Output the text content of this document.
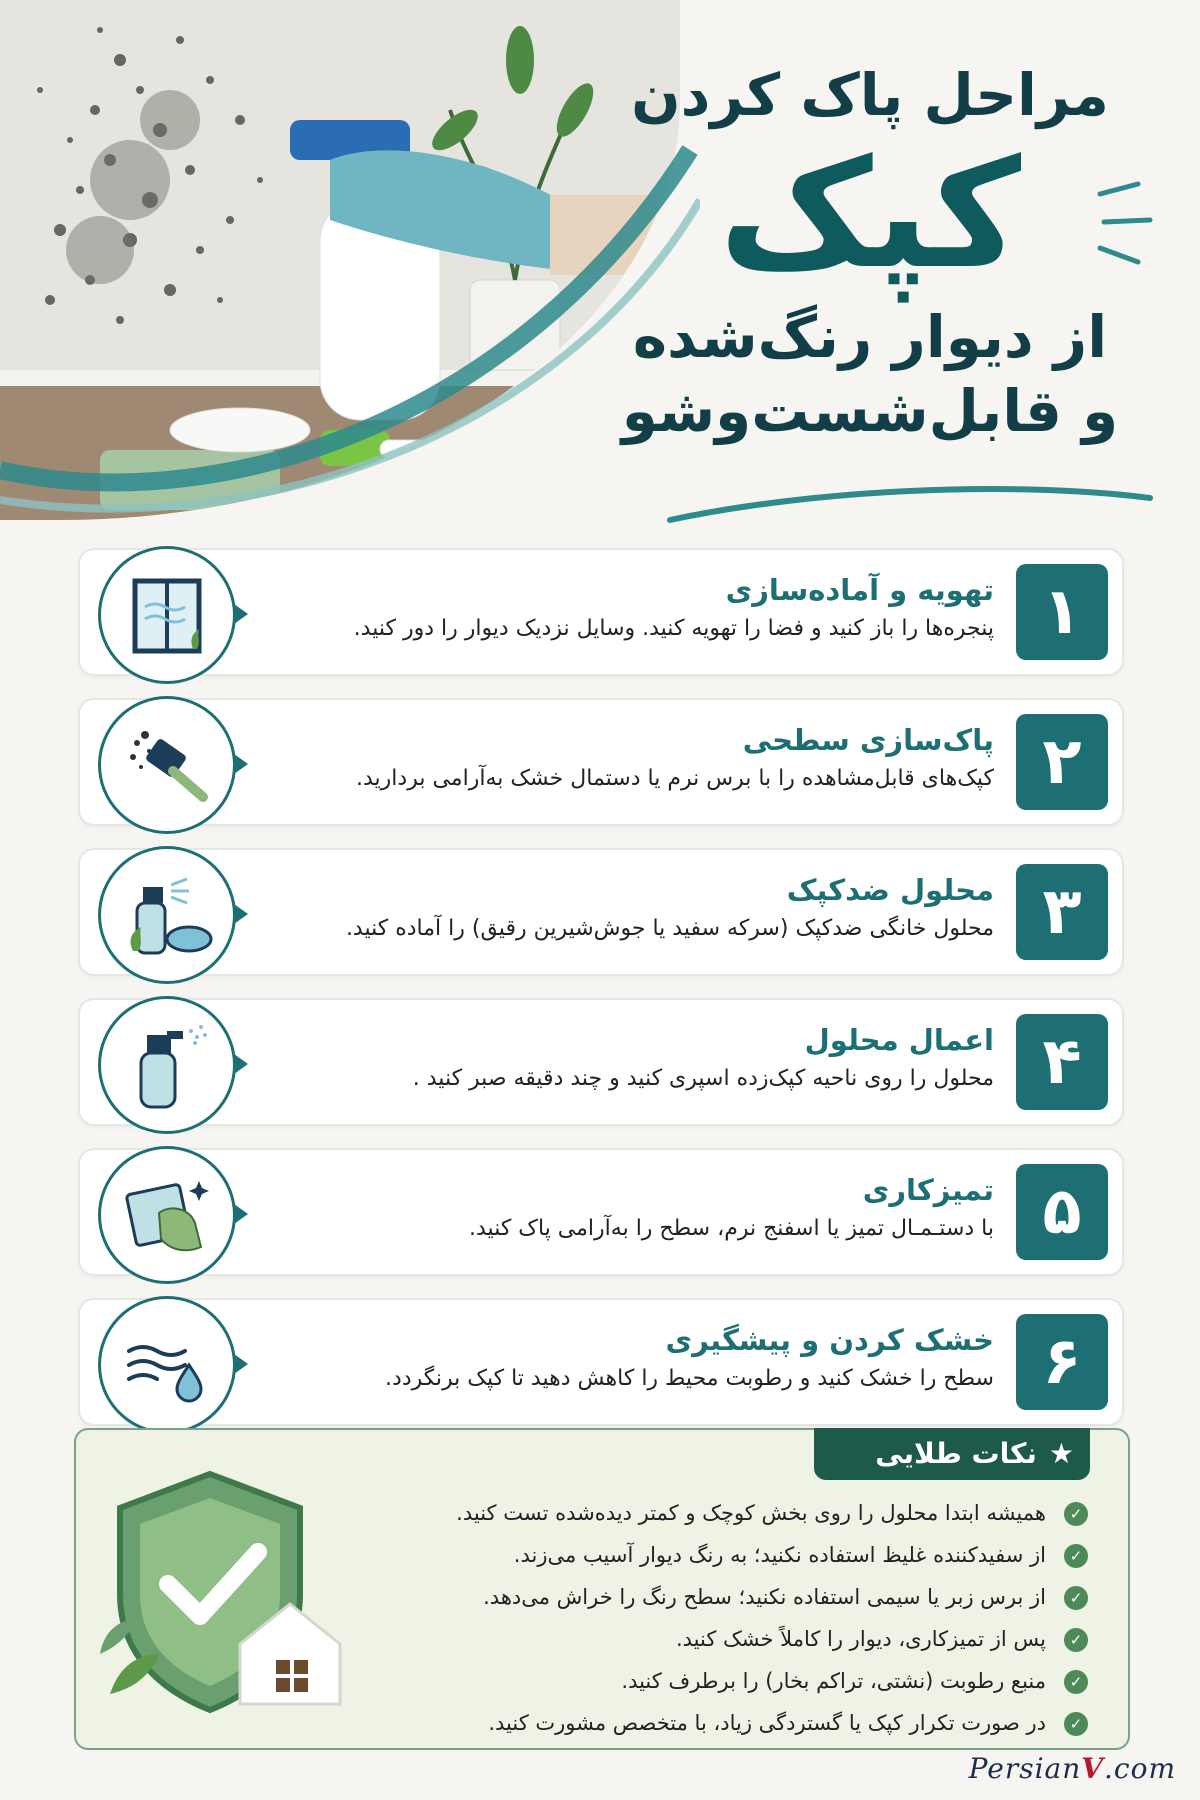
مراحل پاک کردن
کپک
از دیوار رنگ‌شده
و قابل‌شست‌وشو
۱
تهویه و آماده‌سازی
پنجره‌ها را باز کنید و فضا را تهویه کنید. وسایل نزدیک دیوار را دور کنید.
۲
پاک‌سازی سطحی
کپک‌های قابل‌مشاهده را با برس نرم یا دستمال خشک به‌آرامی بردارید.
۳
محلول ضدکپک
محلول خانگی ضدکپک (سرکه سفید یا جوش‌شیرین رقیق) را آماده کنید.
۴
اعمال محلول
محلول را روی ناحیه کپک‌زده اسپری کنید و چند دقیقه صبر کنید .
۵
تمیزکاری
با دستـمـال تمیز یا اسفنج نرم، سطح را به‌آرامی پاک کنید.
۶
خشک کردن و پیشگیری
سطح را خشک کنید و رطوبت محیط را کاهش دهید تا کپک برنگردد.
★نکات طلایی
✓همیشه ابتدا محلول را روی بخش کوچک و کمتر دیده‌شده تست کنید.
✓از سفیدکننده غلیظ استفاده نکنید؛ به رنگ دیوار آسیب می‌زند.
✓از برس زبر یا سیمی استفاده نکنید؛ سطح رنگ را خراش می‌دهد.
✓پس از تمیزکاری، دیوار را کاملاً خشک کنید.
✓منبع رطوبت (نشتی، تراکم بخار) را برطرف کنید.
✓در صورت تکرار کپک یا گستردگی زیاد، با متخصص مشورت کنید.
PersianV.com
